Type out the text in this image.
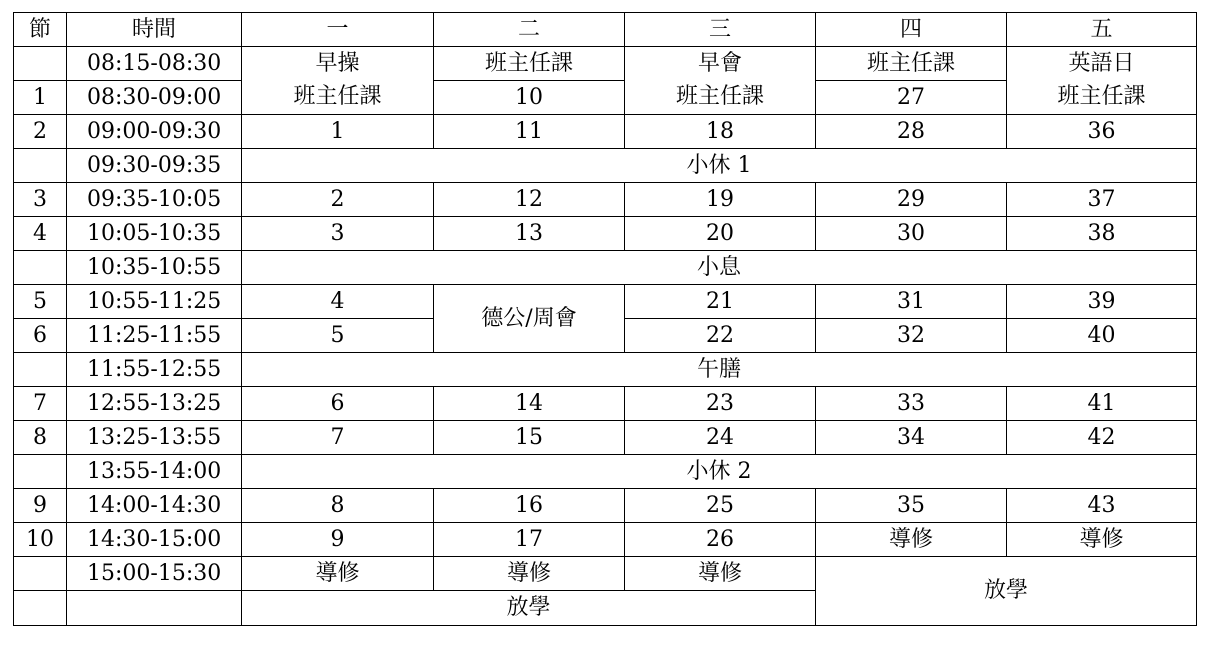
節	時間	一	二	三	四	五
	08:15-08:30	早操	班主任課	早會	班主任課	英語日
1	08:30-09:00	班主任課	10	班主任課	27	班主任課
2	09:00-09:30	1	11	18	28	36
	09:30-09:35	小休 1				
3	09:35-10:05	2	12	19	29	37
4	10:05-10:35	3	13	20	30	38
	10:35-10:55	小息				
5	10:55-11:25	4	德公/周會	21	31	39
6	11:25-11:55	5		22	32	40
	11:55-12:55	午膳				
7	12:55-13:25	6	14	23	33	41
8	13:25-13:55	7	15	24	34	42
	13:55-14:00	小休 2				
9	14:00-14:30	8	16	25	35	43
10	14:30-15:00	9	17	26	導修	導修
	15:00-15:30	導修	導修	導修	放學	
		放學				
